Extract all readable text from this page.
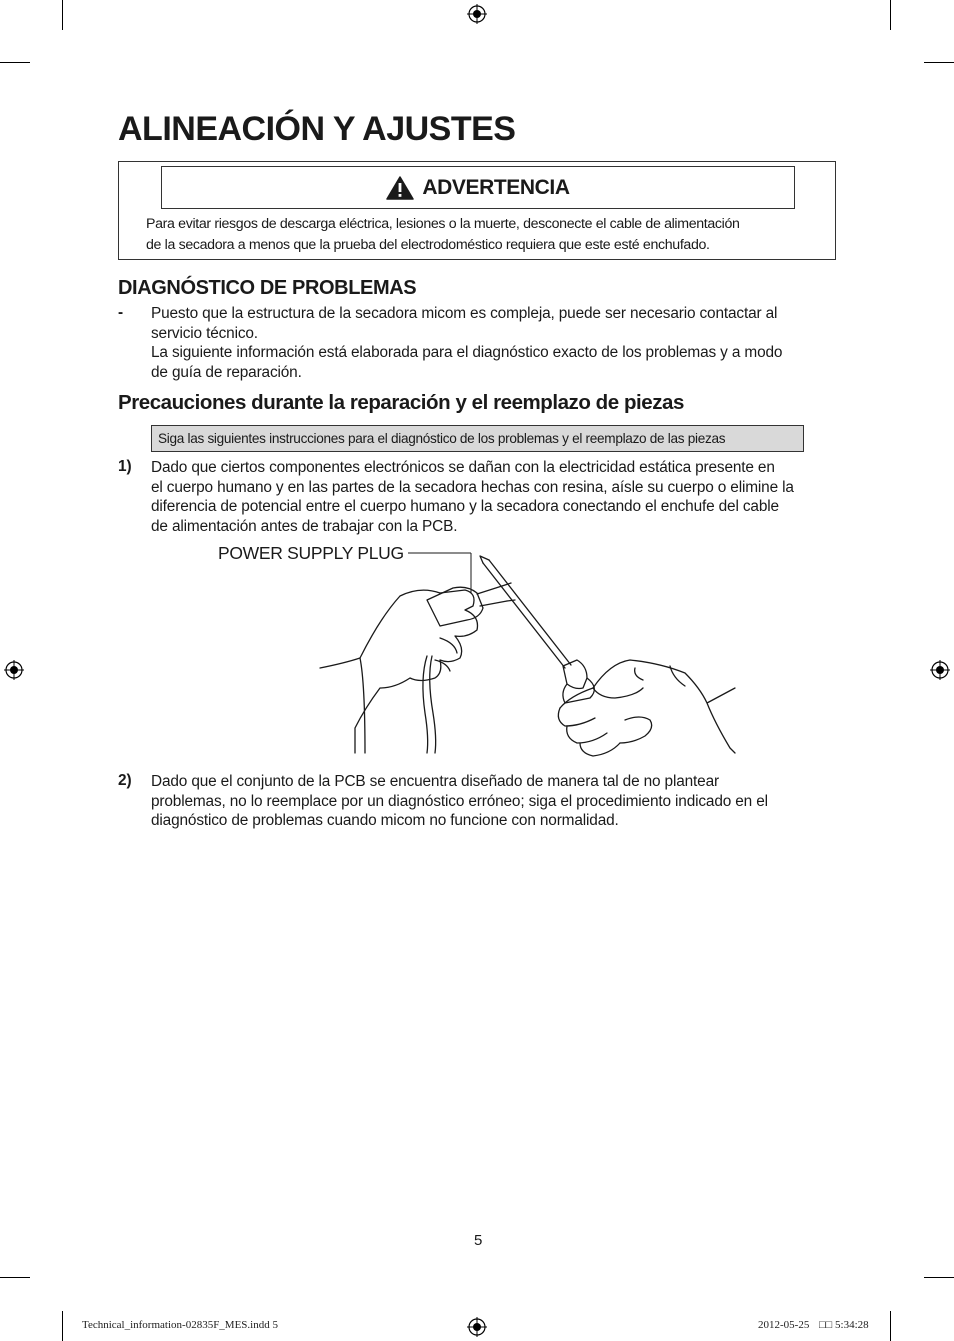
ALINEACIÓN Y AJUSTES
ADVERTENCIA
Para evitar riesgos de descarga eléctrica, lesiones o la muerte, desconecte el cable de alimentación
de la secadora a menos que la prueba del electrodoméstico requiera que este esté enchufado.
DIAGNÓSTICO DE PROBLEMAS
- Puesto que la estructura de la secadora micom es compleja, puede ser necesario contactar al
servicio técnico.
La siguiente información está elaborada para el diagnóstico exacto de los problemas y a modo
de guía de reparación.
Precauciones durante la reparación y el reemplazo de piezas
Siga las siguientes instrucciones para el diagnóstico de los problemas y el reemplazo de las piezas
1) Dado que ciertos componentes electrónicos se dañan con la electricidad estática presente en
el cuerpo humano y en las partes de la secadora hechas con resina, aísle su cuerpo o elimine la
diferencia de potencial entre el cuerpo humano y la secadora conectando el enchufe del cable
de alimentación antes de trabajar con la PCB.
POWER SUPPLY PLUG
2) Dado que el conjunto de la PCB se encuentra diseñado de manera tal de no plantear
problemas, no lo reemplace por un diagnóstico erróneo; siga el procedimiento indicado en el
diagnóstico de problemas cuando micom no funcione con normalidad.
5
Technical_information-02835F_MES.indd 5	2012-05-25 □□ 5:34:28
